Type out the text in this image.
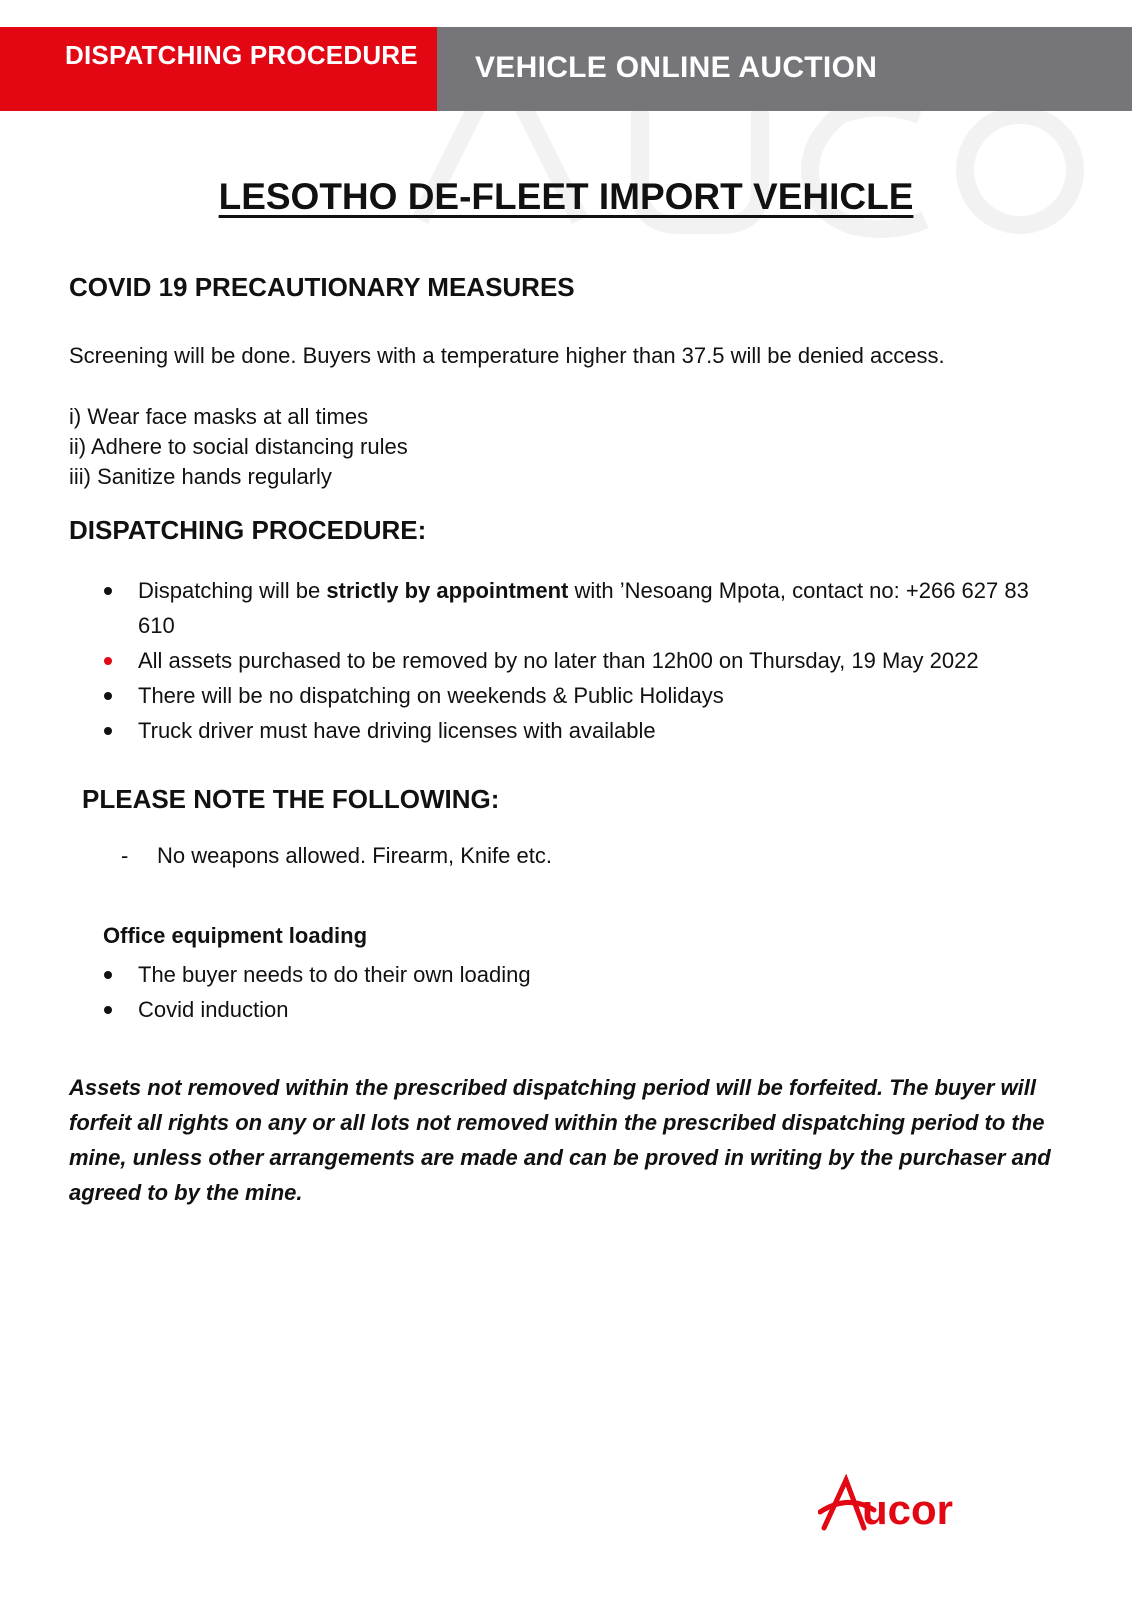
DISPATCHING PROCEDURE VEHICLE ONLINE AUCTION
LESOTHO DE-FLEET IMPORT VEHICLE
COVID 19 PRECAUTIONARY MEASURES
Screening will be done. Buyers with a temperature higher than 37.5 will be denied access.
i) Wear face masks at all times
ii) Adhere to social distancing rules
iii) Sanitize hands regularly
DISPATCHING PROCEDURE:
Dispatching will be strictly by appointment with ’Nesoang Mpota, contact no: +266 627 83
610
All assets purchased to be removed by no later than 12h00 on Thursday, 19 May 2022
There will be no dispatching on weekends & Public Holidays
Truck driver must have driving licenses with available
PLEASE NOTE THE FOLLOWING:
- No weapons allowed. Firearm, Knife etc.
Office equipment loading
The buyer needs to do their own loading
Covid induction
Assets not removed within the prescribed dispatching period will be forfeited. The buyer will
forfeit all rights on any or all lots not removed within the prescribed dispatching period to the
mine, unless other arrangements are made and can be proved in writing by the purchaser and
agreed to by the mine.
ucor
